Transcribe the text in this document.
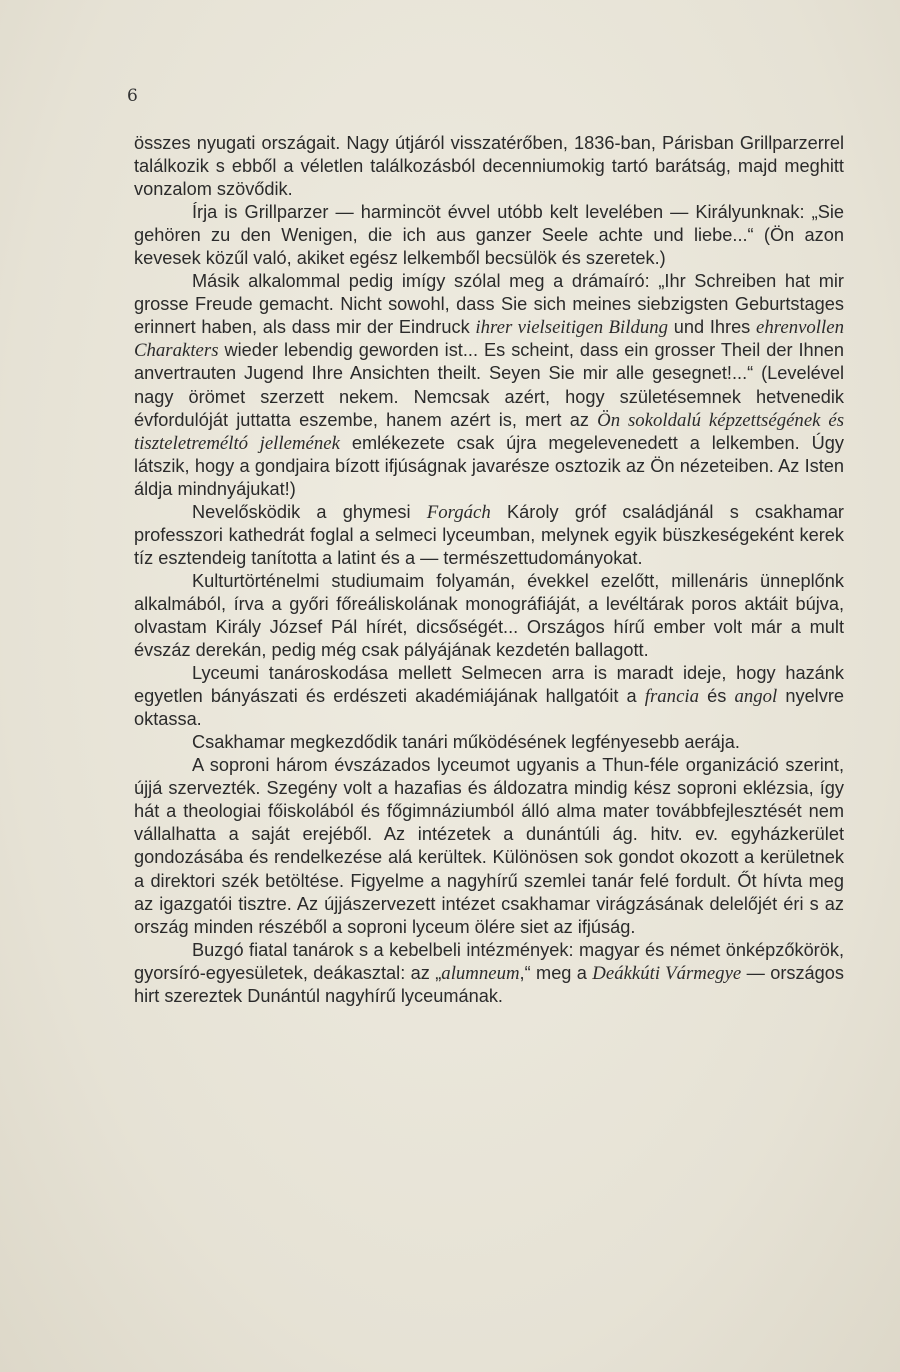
6

összes nyugati országait. Nagy útjáról visszatérőben, 1836-ban, Párisban Grillparzerrel találkozik s ebből a véletlen találkozásból decenniumokig tartó barátság, majd meghitt vonzalom szövődik.

Írja is Grillparzer — harmincöt évvel utóbb kelt levelében — Királyunknak: „Sie gehören zu den Wenigen, die ich aus ganzer Seele achte und liebe...“ (Ön azon kevesek közűl való, akiket egész lelkemből becsülök és szeretek.)

Másik alkalommal pedig imígy szólal meg a drámaíró: „Ihr Schreiben hat mir grosse Freude gemacht. Nicht sowohl, dass Sie sich meines siebzigsten Geburtstages erinnert haben, als dass mir der Eindruck ihrer vielseitigen Bildung und Ihres ehrenvollen Charakters wieder lebendig geworden ist... Es scheint, dass ein grosser Theil der Ihnen anvertrauten Jugend Ihre Ansichten theilt. Seyen Sie mir alle gesegnet!...“ (Levelével nagy örömet szerzett nekem. Nemcsak azért, hogy születésemnek hetvenedik évfordulóját juttatta eszembe, hanem azért is, mert az Ön sokoldalú képzettségének és tiszteletreméltó jellemének emlékezete csak újra megelevenedett a lelkemben. Úgy látszik, hogy a gondjaira bízott ifjúságnak javarésze osztozik az Ön nézeteiben. Az Isten áldja mindnyájukat!)

Nevelősködik a ghymesi Forgách Károly gróf családjánál s csakhamar professzori kathedrát foglal a selmeci lyceumban, melynek egyik büszkeségeként kerek tíz esztendeig tanította a latint és a — természettudományokat.

Kulturtörténelmi studiumaim folyamán, évekkel ezelőtt, millenáris ünneplőnk alkalmából, írva a győri főreáliskolának monográfiáját, a levéltárak poros aktáit bújva, olvastam Király József Pál hírét, dicsőségét... Országos hírű ember volt már a mult évszáz derekán, pedig még csak pályájának kezdetén ballagott.

Lyceumi tanároskodása mellett Selmecen arra is maradt ideje, hogy hazánk egyetlen bányászati és erdészeti akadémiájának hallgatóit a francia és angol nyelvre oktassa.

Csakhamar megkezdődik tanári működésének legfényesebb aerája.

A soproni három évszázados lyceumot ugyanis a Thun-féle organizáció szerint, újjá szervezték. Szegény volt a hazafias és áldozatra mindig kész soproni eklézsia, így hát a theologiai főiskolából és főgimnáziumból álló alma mater továbbfejlesztését nem vállalhatta a saját erejéből. Az intézetek a dunántúli ág. hitv. ev. egyházkerület gondozásába és rendelkezése alá kerültek. Különösen sok gondot okozott a kerületnek a direktori szék betöltése. Figyelme a nagyhírű szemlei tanár felé fordult. Őt hívta meg az igazgatói tisztre. Az újjászervezett intézet csakhamar virágzásának delelőjét éri s az ország minden részéből a soproni lyceum ölére siet az ifjúság.

Buzgó fiatal tanárok s a kebelbeli intézmények: magyar és német önképzőkörök, gyorsíró-egyesületek, deákasztal: az „alumneum,“ meg a Deákkúti Vármegye — országos hirt szereztek Dunántúl nagyhírű lyceumának.
